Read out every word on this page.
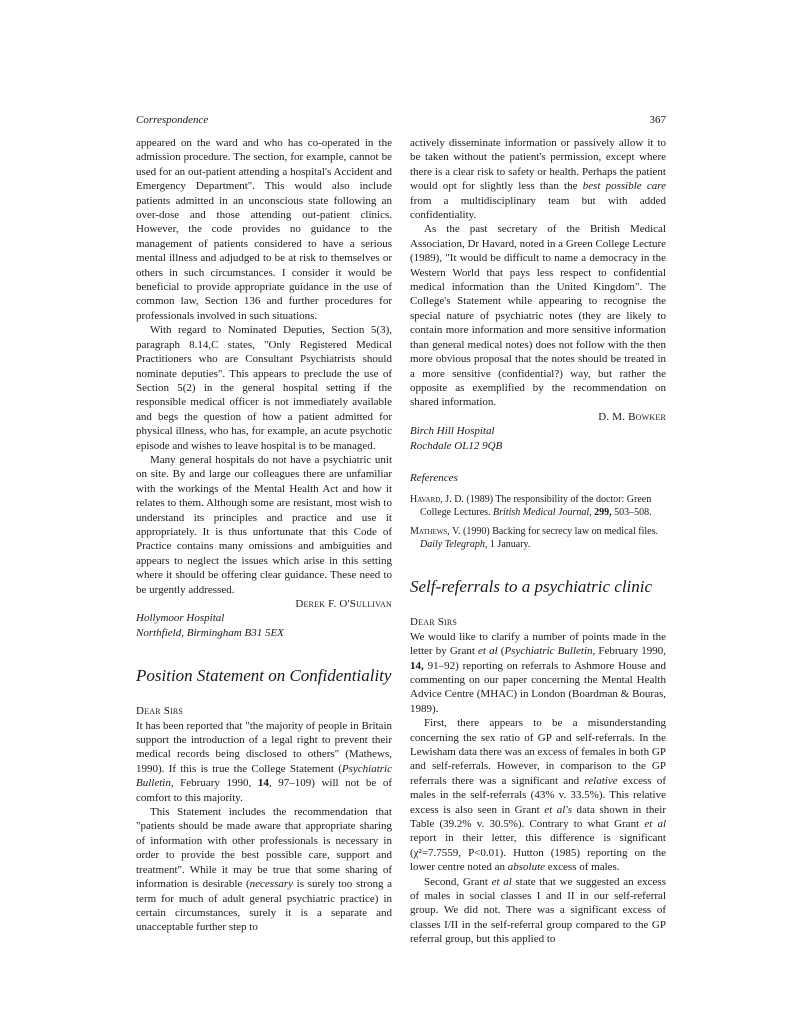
Correspondence	367

appeared on the ward and who has co-operated in the admission procedure. The section, for example, cannot be used for an out-patient attending a hospital's Accident and Emergency Department". This would also include patients admitted in an unconscious state following an over-dose and those attending out-patient clinics. However, the code provides no guidance to the management of patients considered to have a serious mental illness and adjudged to be at risk to themselves or others in such circumstances. I consider it would be beneficial to provide appropriate guidance in the use of common law, Section 136 and further procedures for professionals involved in such situations.

With regard to Nominated Deputies, Section 5(3), paragraph 8.14,C states, "Only Registered Medical Practitioners who are Consultant Psychiatrists should nominate deputies". This appears to preclude the use of Section 5(2) in the general hospital setting if the responsible medical officer is not immediately available and begs the question of how a patient admitted for physical illness, who has, for example, an acute psychotic episode and wishes to leave hospital is to be managed.

Many general hospitals do not have a psychiatric unit on site. By and large our colleagues there are unfamiliar with the workings of the Mental Health Act and how it relates to them. Although some are resistant, most wish to understand its principles and practice and use it appropriately. It is thus unfortunate that this Code of Practice contains many omissions and ambiguities and appears to neglect the issues which arise in this setting where it should be offering clear guidance. These need to be urgently addressed.

Derek F. O'Sullivan
Hollymoor Hospital
Northfield, Birmingham B31 5EX
Position Statement on Confidentiality
Dear Sirs

It has been reported that "the majority of people in Britain support the introduction of a legal right to prevent their medical records being disclosed to others" (Mathews, 1990). If this is true the College Statement (Psychiatric Bulletin, February 1990, 14, 97–109) will not be of comfort to this majority.

This Statement includes the recommendation that "patients should be made aware that appropriate sharing of information with other professionals is necessary in order to provide the best possible care, support and treatment". While it may be true that some sharing of information is desirable (necessary is surely too strong a term for much of adult general psychiatric practice) in certain circumstances, surely it is a separate and unacceptable further step to

actively disseminate information or passively allow it to be taken without the patient's permission, except where there is a clear risk to safety or health. Perhaps the patient would opt for slightly less than the best possible care from a multidisciplinary team but with added confidentiality.

As the past secretary of the British Medical Association, Dr Havard, noted in a Green College Lecture (1989), "It would be difficult to name a democracy in the Western World that pays less respect to confidential medical information than the United Kingdom". The College's Statement while appearing to recognise the special nature of psychiatric notes (they are likely to contain more information and more sensitive information than general medical notes) does not follow with the then more obvious proposal that the notes should be treated in a more sensitive (confidential?) way, but rather the opposite as exemplified by the recommendation on shared information.

D. M. Bowker
Birch Hill Hospital
Rochdale OL12 9QB
References
Havard, J. D. (1989) The responsibility of the doctor: Green College Lectures. British Medical Journal, 299, 503–508.
Mathews, V. (1990) Backing for secrecy law on medical files. Daily Telegraph, 1 January.
Self-referrals to a psychiatric clinic
Dear Sirs

We would like to clarify a number of points made in the letter by Grant et al (Psychiatric Bulletin, February 1990, 14, 91–92) reporting on referrals to Ashmore House and commenting on our paper concerning the Mental Health Advice Centre (MHAC) in London (Boardman & Bouras, 1989).

First, there appears to be a misunderstanding concerning the sex ratio of GP and self-referrals. In the Lewisham data there was an excess of females in both GP and self-referrals. However, in comparison to the GP referrals there was a significant and relative excess of males in the self-referrals (43% v. 33.5%). This relative excess is also seen in Grant et al's data shown in their Table (39.2% v. 30.5%). Contrary to what Grant et al report in their letter, this difference is significant (χ²=7.7559, P<0.01). Hutton (1985) reporting on the lower centre noted an absolute excess of males.

Second, Grant et al state that we suggested an excess of males in social classes I and II in our self-referral group. We did not. There was a significant excess of classes I/II in the self-referral group compared to the GP referral group, but this applied to
